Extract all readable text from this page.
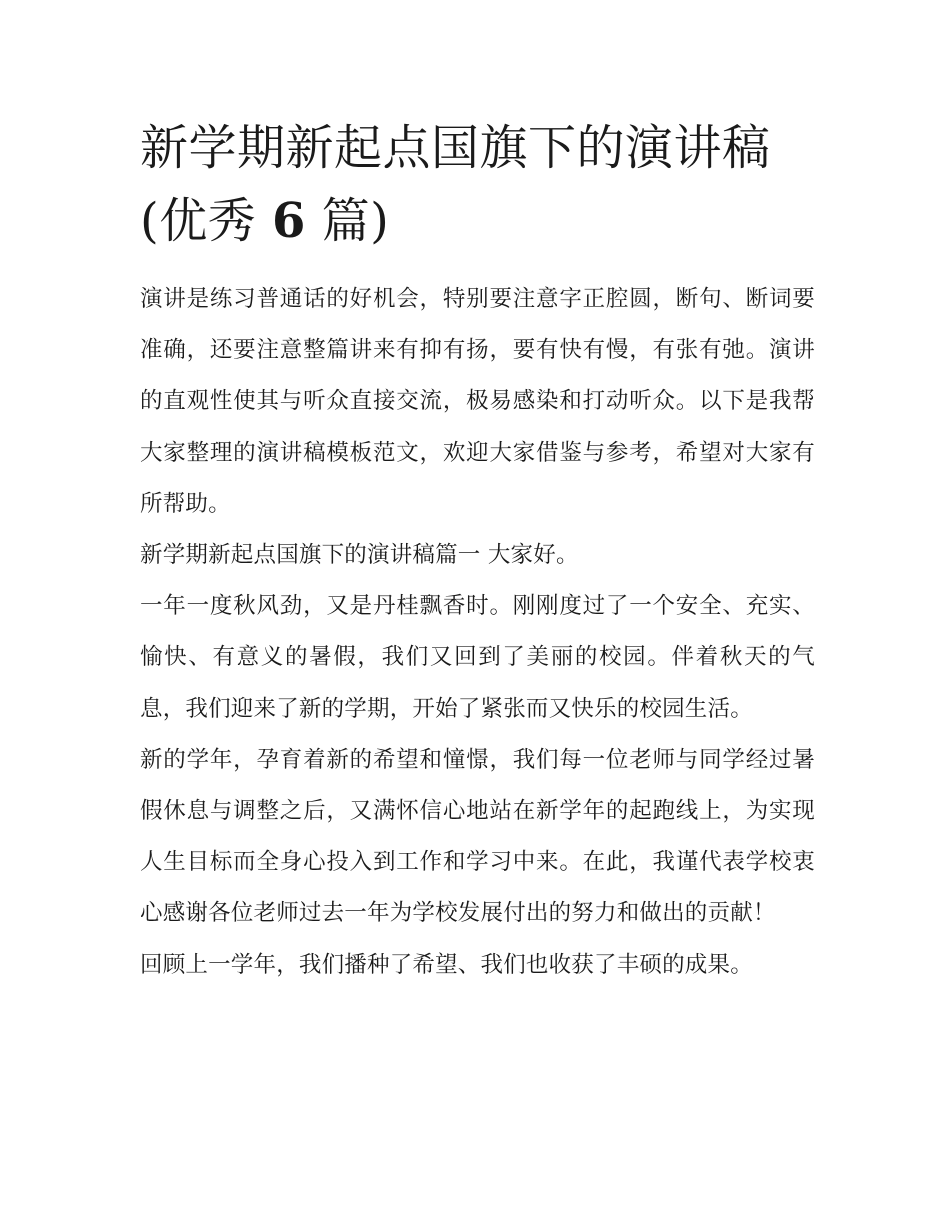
新学期新起点国旗下的演讲稿
(优秀 6 篇)

演讲是练习普通话的好机会，特别要注意字正腔圆，断句、断词要准确，还要注意整篇讲来有抑有扬，要有快有慢，有张有弛。演讲的直观性使其与听众直接交流，极易感染和打动听众。以下是我帮大家整理的演讲稿模板范文，欢迎大家借鉴与参考，希望对大家有所帮助。

新学期新起点国旗下的演讲稿篇一 大家好。

一年一度秋风劲，又是丹桂飘香时。刚刚度过了一个安全、充实、愉快、有意义的暑假，我们又回到了美丽的校园。伴着秋天的气息，我们迎来了新的学期，开始了紧张而又快乐的校园生活。

新的学年，孕育着新的希望和憧憬，我们每一位老师与同学经过暑假休息与调整之后，又满怀信心地站在新学年的起跑线上，为实现人生目标而全身心投入到工作和学习中来。在此，我谨代表学校衷心感谢各位老师过去一年为学校发展付出的努力和做出的贡献！

回顾上一学年，我们播种了希望、我们也收获了丰硕的成果。
